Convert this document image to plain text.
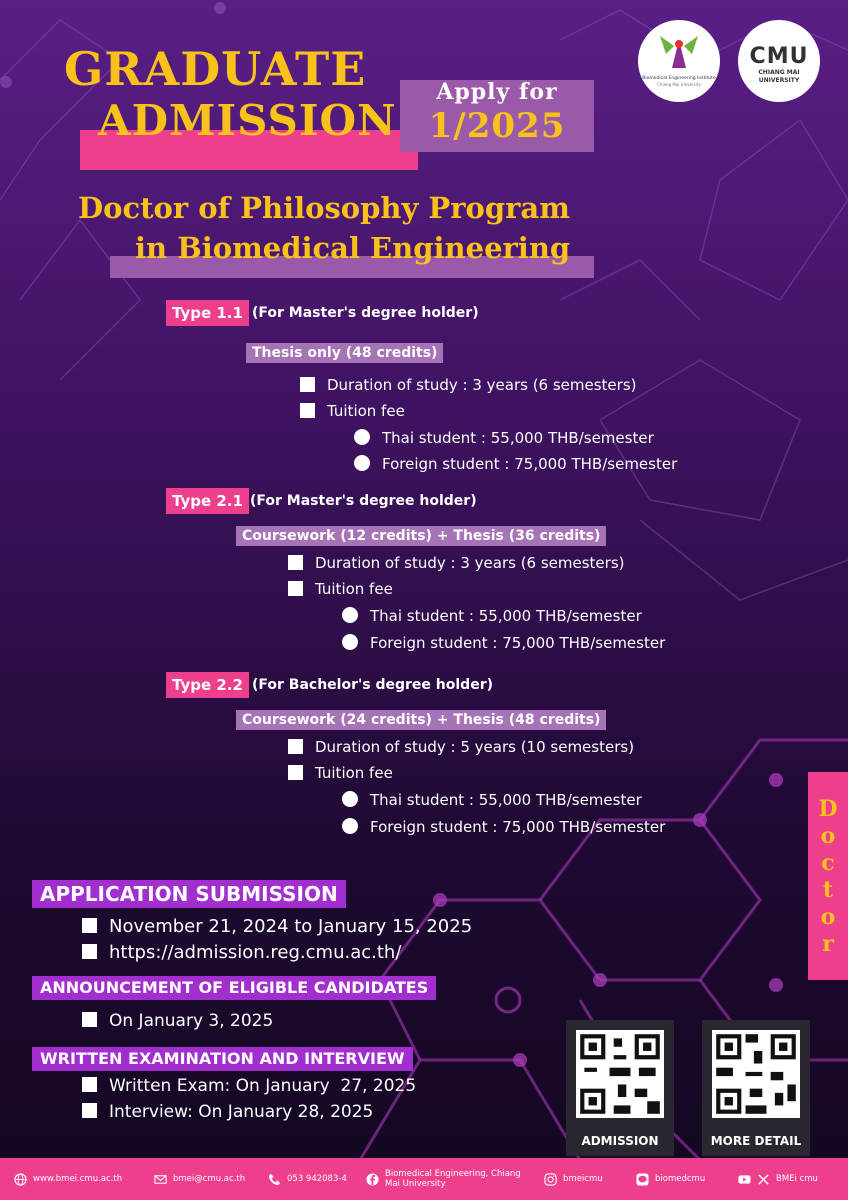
GRADUATE
ADMISSION
Apply for
1/2025
Biomedical Engineering Institute
Chiang Mai University
CMU
CHIANG MAI UNIVERSITY
Doctor of Philosophy Program
in Biomedical Engineering
Type 1.1 (For Master's degree holder)
Thesis only (48 credits)
Duration of study : 3 years (6 semesters)
Tuition fee
Thai student : 55,000 THB/semester
Foreign student : 75,000 THB/semester
Type 2.1 (For Master's degree holder)
Coursework (12 credits) + Thesis (36 credits)
Duration of study : 3 years (6 semesters)
Tuition fee
Thai student : 55,000 THB/semester
Foreign student : 75,000 THB/semester
Type 2.2 (For Bachelor's degree holder)
Coursework (24 credits) + Thesis (48 credits)
Duration of study : 5 years (10 semesters)
Tuition fee
Thai student : 55,000 THB/semester
Foreign student : 75,000 THB/semester
D
o
c
t
o
r
APPLICATION SUBMISSION
November 21, 2024 to January 15, 2025
https://admission.reg.cmu.ac.th/
ANNOUNCEMENT OF ELIGIBLE CANDIDATES
On January 3, 2025
WRITTEN EXAMINATION AND INTERVIEW
Written Exam: On January  27, 2025
Interview: On January 28, 2025
ADMISSION	MORE DETAIL
www.bmei.cmu.ac.th	bmei@cmu.ac.th	053 942083-4	Biomedical Engineering, Chiang Mai University	bmeicmu	biomedcmu	BMEi cmu
